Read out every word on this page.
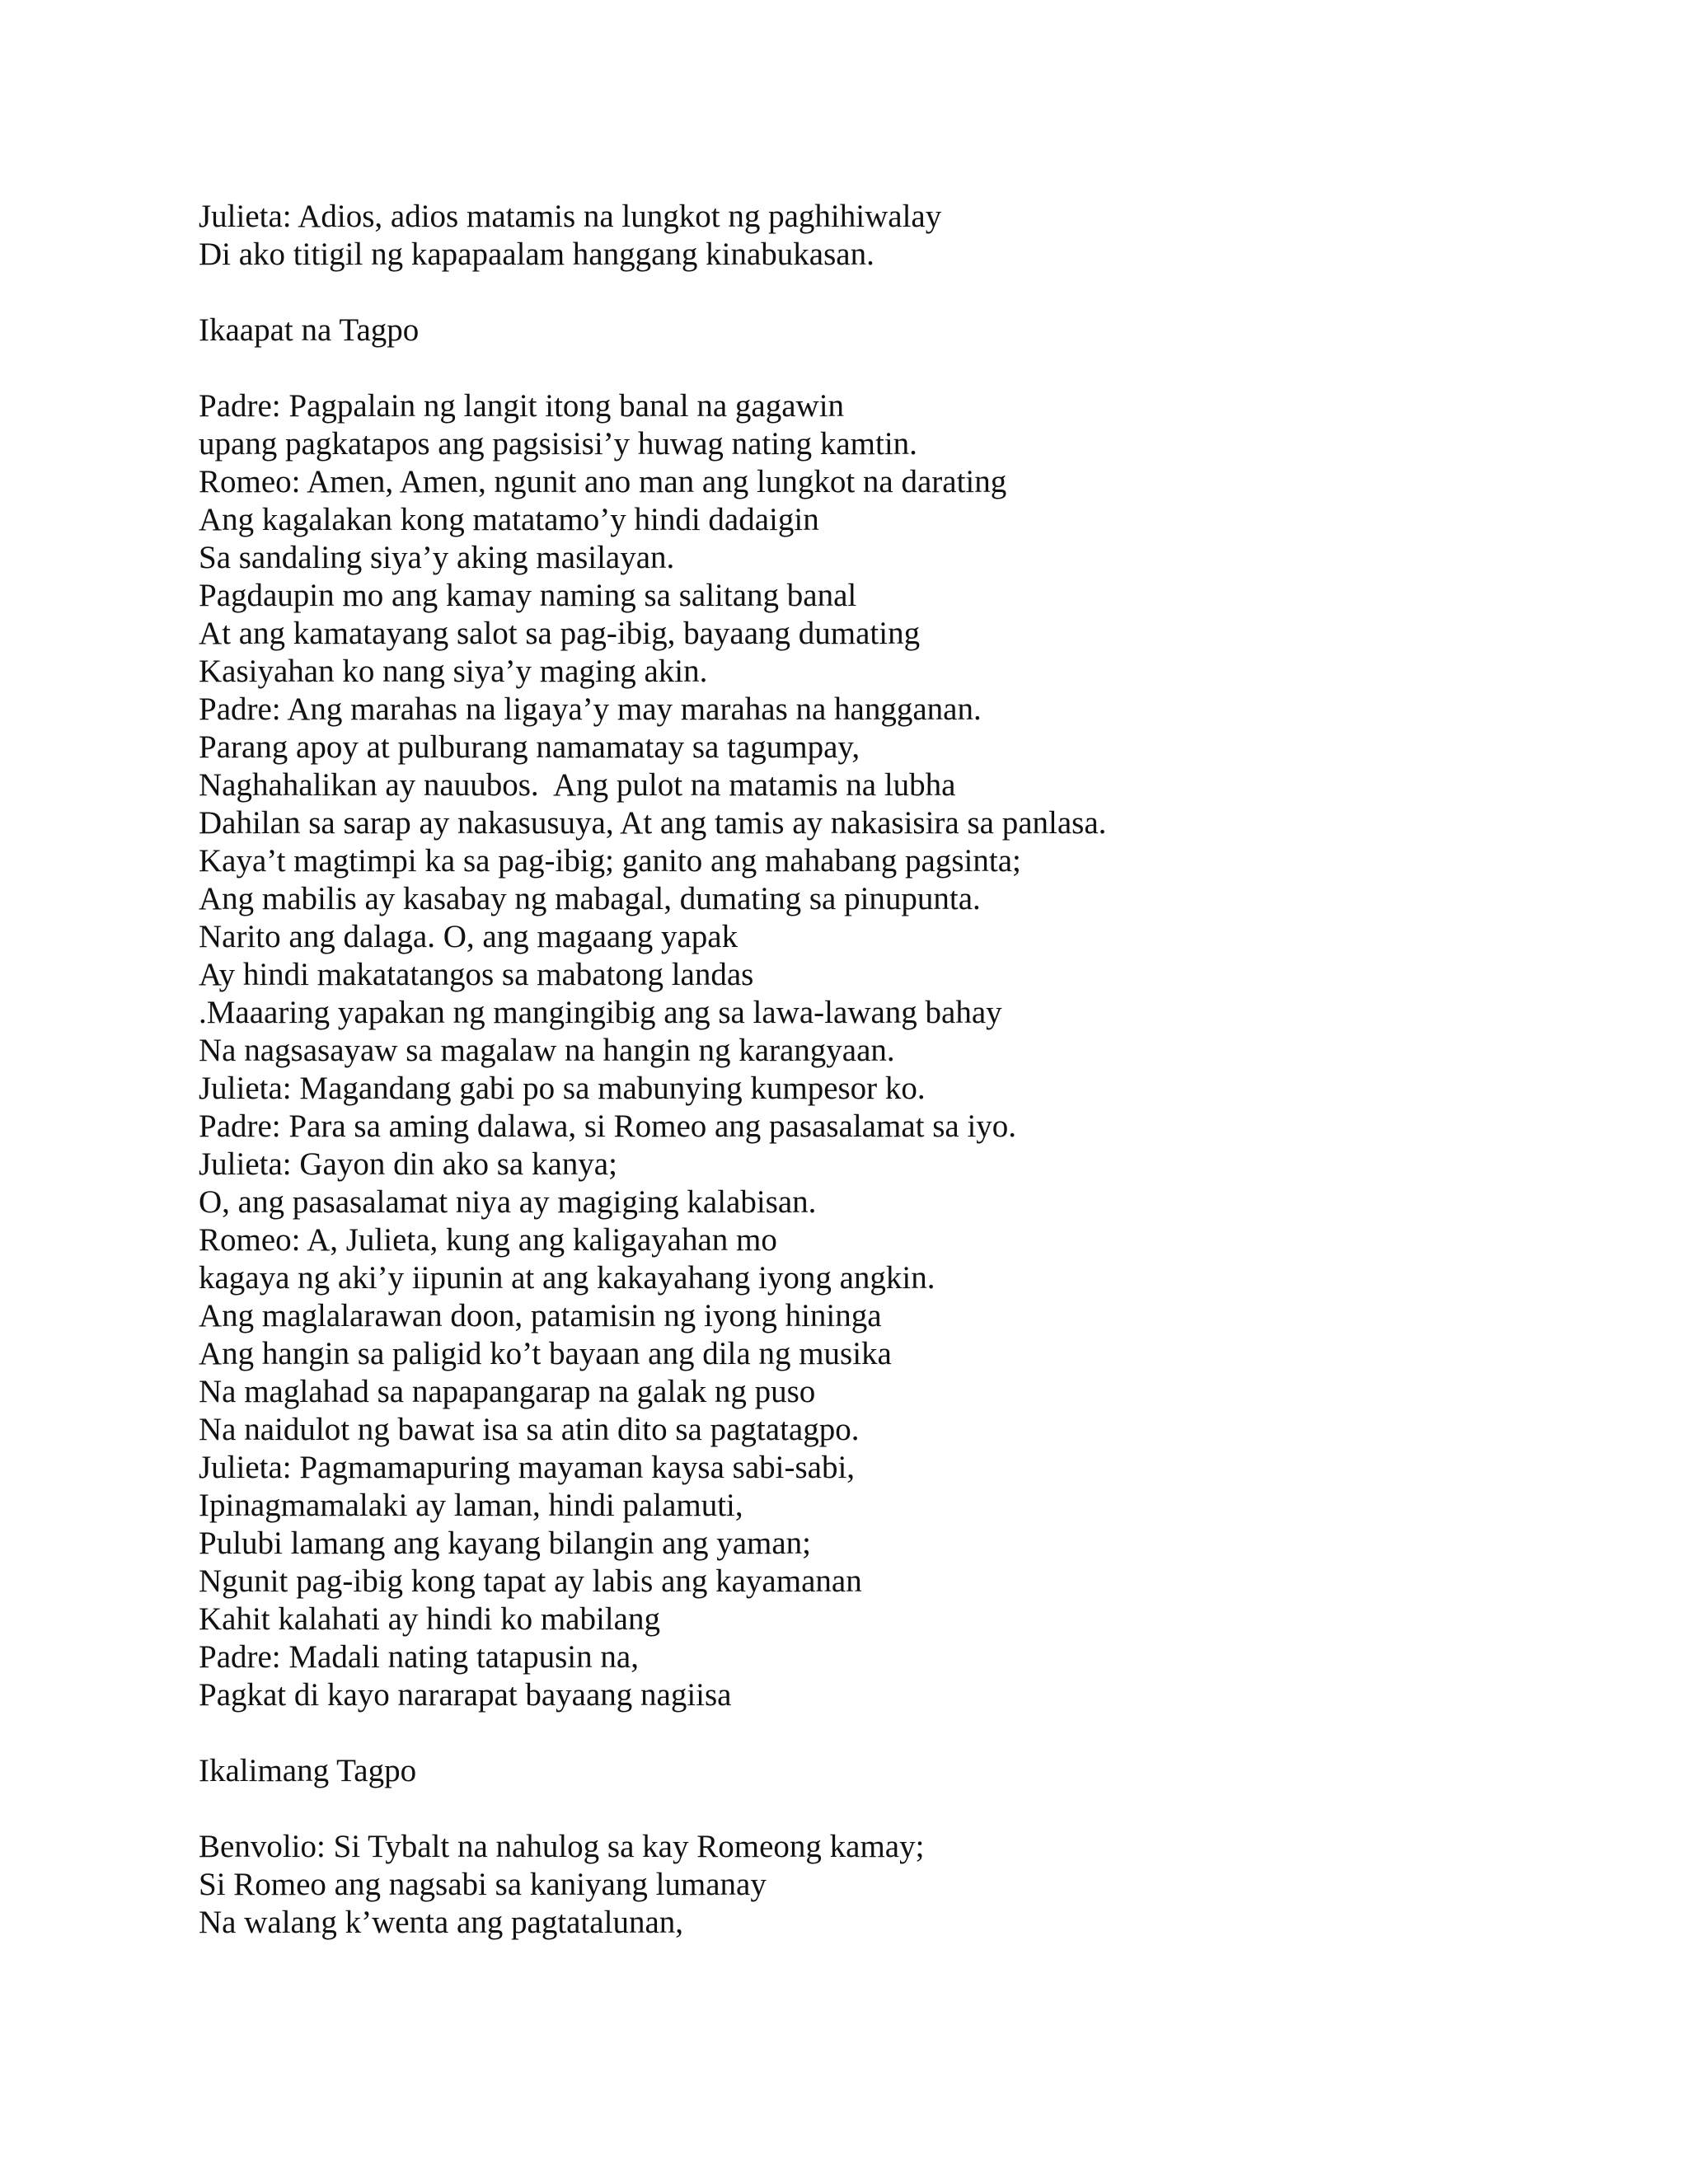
Julieta: Adios, adios matamis na lungkot ng paghihiwalay
Di ako titigil ng kapapaalam hanggang kinabukasan.
Ikaapat na Tagpo
Padre: Pagpalain ng langit itong banal na gagawin
upang pagkatapos ang pagsisisi’y huwag nating kamtin.
Romeo: Amen, Amen, ngunit ano man ang lungkot na darating
Ang kagalakan kong matatamo’y hindi dadaigin
Sa sandaling siya’y aking masilayan.
Pagdaupin mo ang kamay naming sa salitang banal
At ang kamatayang salot sa pag-ibig, bayaang dumating
Kasiyahan ko nang siya’y maging akin.
Padre: Ang marahas na ligaya’y may marahas na hangganan.
Parang apoy at pulburang namamatay sa tagumpay,
Naghahalikan ay nauubos.  Ang pulot na matamis na lubha
Dahilan sa sarap ay nakasusuya, At ang tamis ay nakasisira sa panlasa.
Kaya’t magtimpi ka sa pag-ibig; ganito ang mahabang pagsinta;
Ang mabilis ay kasabay ng mabagal, dumating sa pinupunta.
Narito ang dalaga. O, ang magaang yapak
Ay hindi makatatangos sa mabatong landas
.Maaaring yapakan ng mangingibig ang sa lawa-lawang bahay
Na nagsasayaw sa magalaw na hangin ng karangyaan.
Julieta: Magandang gabi po sa mabunying kumpesor ko.
Padre: Para sa aming dalawa, si Romeo ang pasasalamat sa iyo.
Julieta: Gayon din ako sa kanya;
O, ang pasasalamat niya ay magiging kalabisan.
Romeo: A, Julieta, kung ang kaligayahan mo
kagaya ng aki’y iipunin at ang kakayahang iyong angkin.
Ang maglalarawan doon, patamisin ng iyong hininga
Ang hangin sa paligid ko’t bayaan ang dila ng musika
Na maglahad sa napapangarap na galak ng puso
Na naidulot ng bawat isa sa atin dito sa pagtatagpo.
Julieta: Pagmamapuring mayaman kaysa sabi-sabi,
Ipinagmamalaki ay laman, hindi palamuti,
Pulubi lamang ang kayang bilangin ang yaman;
Ngunit pag-ibig kong tapat ay labis ang kayamanan
Kahit kalahati ay hindi ko mabilang
Padre: Madali nating tatapusin na,
Pagkat di kayo nararapat bayaang nagiisa
Ikalimang Tagpo
Benvolio: Si Tybalt na nahulog sa kay Romeong kamay;
Si Romeo ang nagsabi sa kaniyang lumanay
Na walang k’wenta ang pagtatalunan,
